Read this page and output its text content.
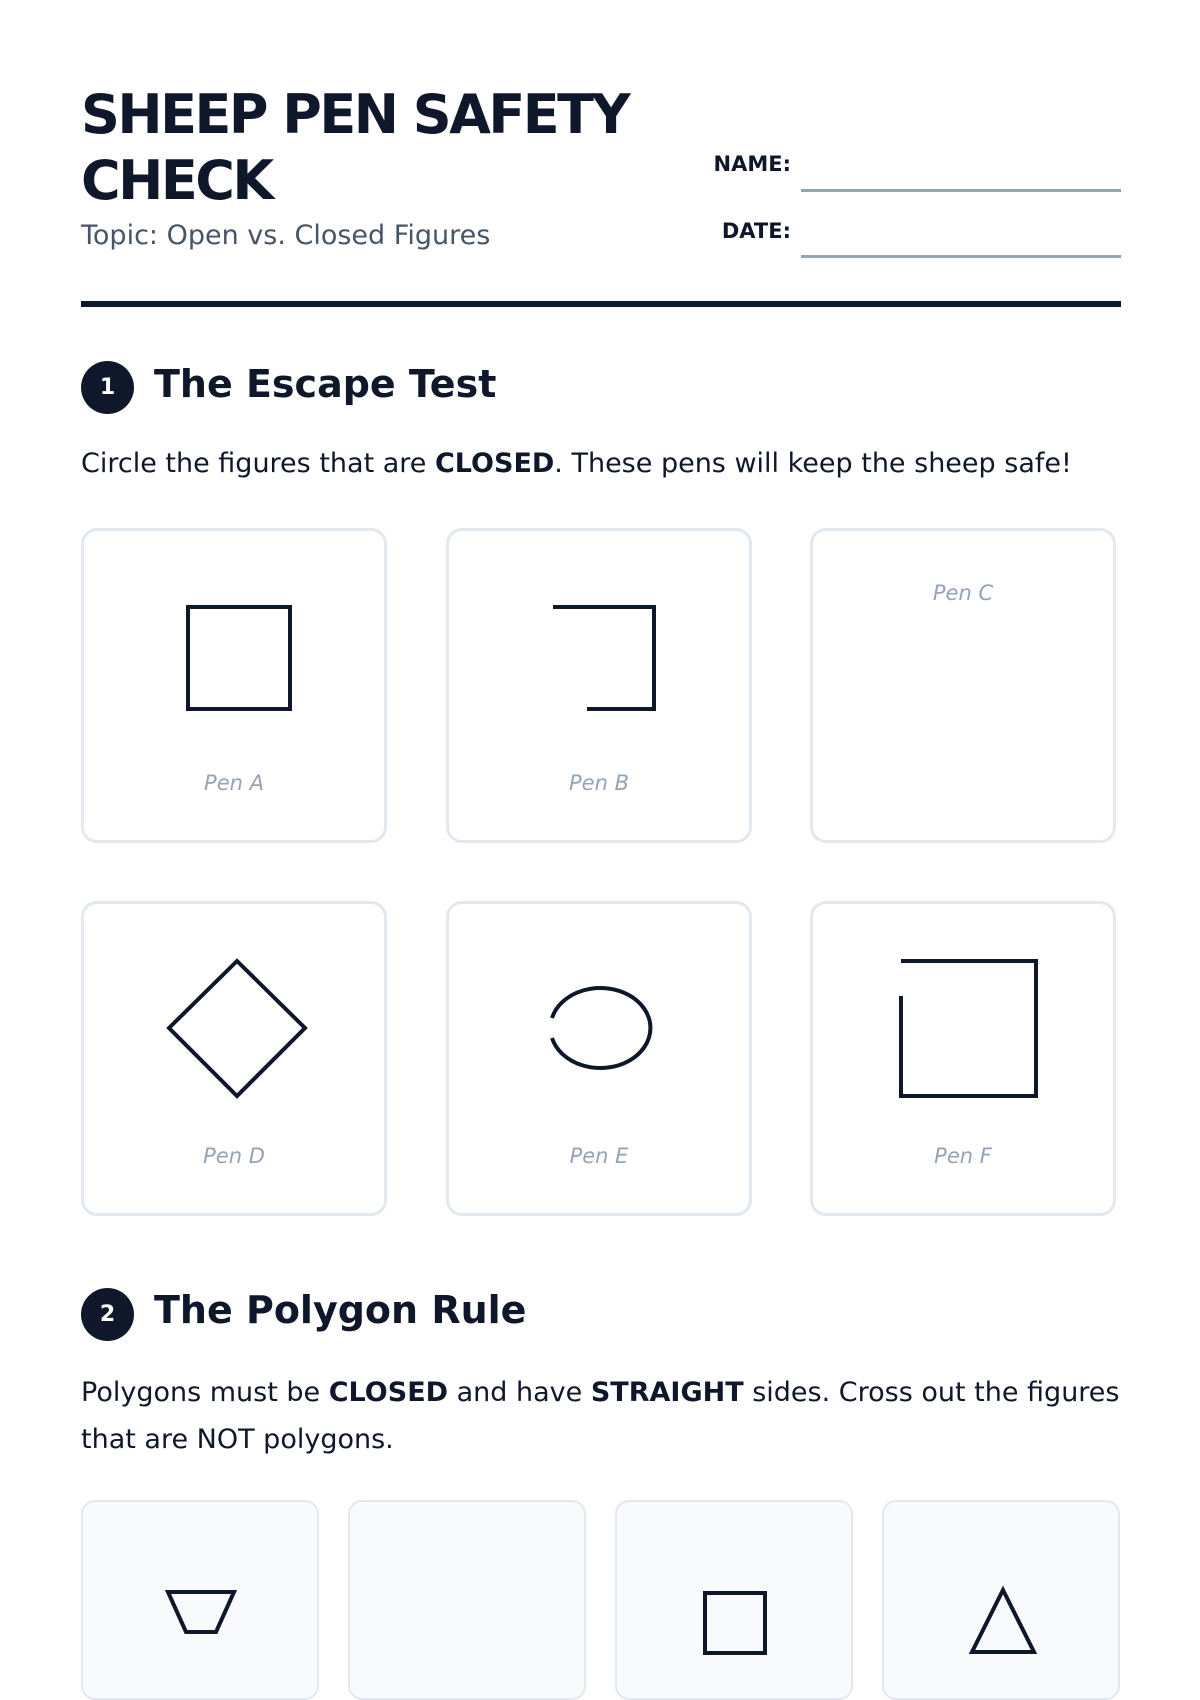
SHEEP PEN SAFETY CHECK
Topic: Open vs. Closed Figures
NAME:
DATE:
1	The Escape Test
Circle the figures that are CLOSED. These pens will keep the sheep safe!
Pen A	Pen B
Pen C
Pen D	Pen E	Pen F
2	The Polygon Rule
Polygons must be CLOSED and have STRAIGHT sides. Cross out the figures that are NOT polygons.
